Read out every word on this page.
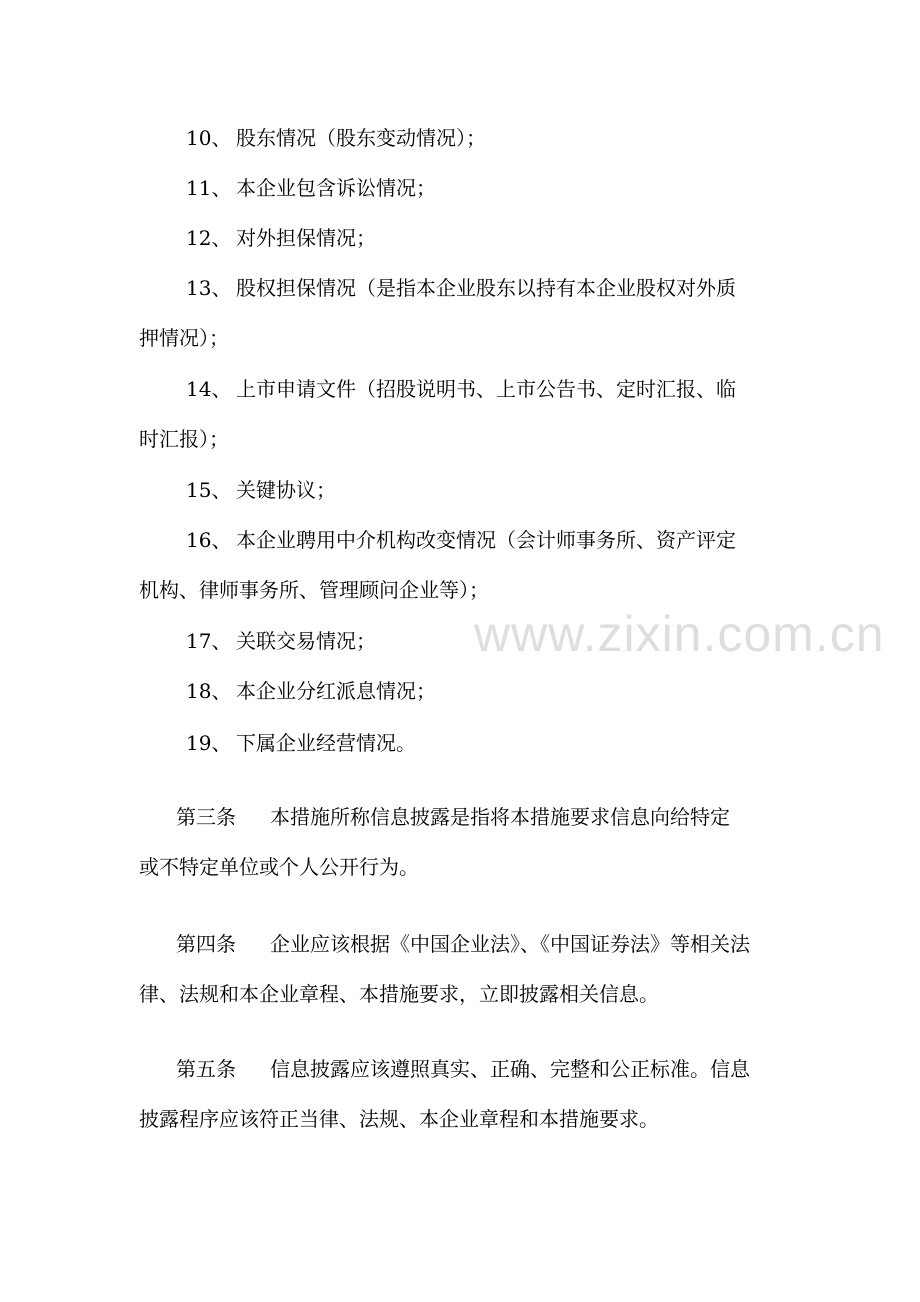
10、 股东情况（股东变动情况）；
11、 本企业包含诉讼情况；
12、 对外担保情况；
13、 股权担保情况（是指本企业股东以持有本企业股权对外质
押情况）；
14、 上市申请文件（招股说明书、上市公告书、定时汇报、临
时汇报）；
15、 关键协议；
16、 本企业聘用中介机构改变情况（会计师事务所、资产评定
机构、律师事务所、管理顾问企业等）；
17、 关联交易情况；
18、 本企业分红派息情况；
19、 下属企业经营情况。
第三条 本措施所称信息披露是指将本措施要求信息向给特定
或不特定单位或个人公开行为。
第四条 企业应该根据《中国企业法》、《中国证券法》等相关法
律、法规和本企业章程、本措施要求，立即披露相关信息。
第五条 信息披露应该遵照真实、正确、完整和公正标准。信息
披露程序应该符正当律、法规、本企业章程和本措施要求。
www.zixin.com.cn
